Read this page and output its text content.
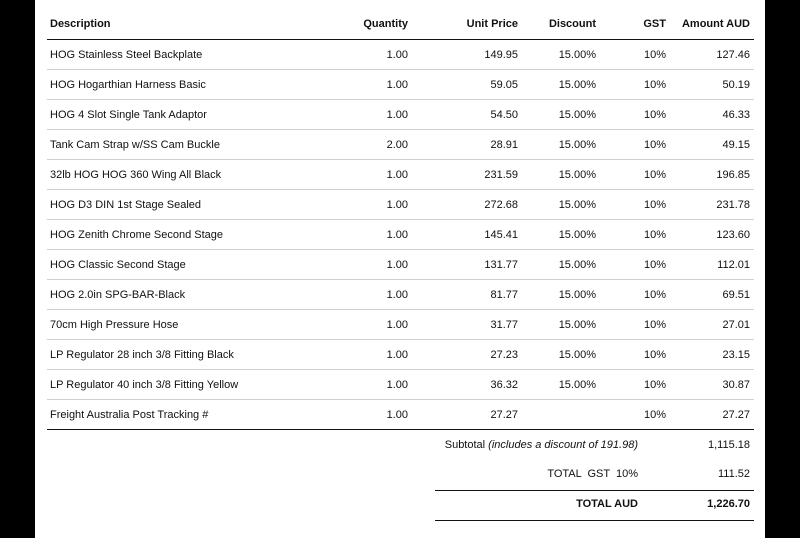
Description	Quantity	Unit Price	Discount	GST	Amount AUD
HOG Stainless Steel Backplate	1.00	149.95	15.00%	10%	127.46
HOG Hogarthian Harness Basic	1.00	59.05	15.00%	10%	50.19
HOG 4 Slot Single Tank Adaptor	1.00	54.50	15.00%	10%	46.33
Tank Cam Strap w/SS Cam Buckle	2.00	28.91	15.00%	10%	49.15
32lb HOG HOG 360 Wing All Black	1.00	231.59	15.00%	10%	196.85
HOG D3 DIN 1st Stage Sealed	1.00	272.68	15.00%	10%	231.78
HOG Zenith Chrome Second Stage	1.00	145.41	15.00%	10%	123.60
HOG Classic Second Stage	1.00	131.77	15.00%	10%	112.01
HOG 2.0in SPG-BAR-Black	1.00	81.77	15.00%	10%	69.51
70cm High Pressure Hose	1.00	31.77	15.00%	10%	27.01
LP Regulator 28 inch 3/8 Fitting Black	1.00	27.23	15.00%	10%	23.15
LP Regulator 40 inch 3/8 Fitting Yellow	1.00	36.32	15.00%	10%	30.87
Freight Australia Post Tracking #	1.00	27.27		10%	27.27
Subtotal (includes a discount of 191.98)	1,115.18
TOTAL  GST  10%	111.52
TOTAL AUD	1,226.70
